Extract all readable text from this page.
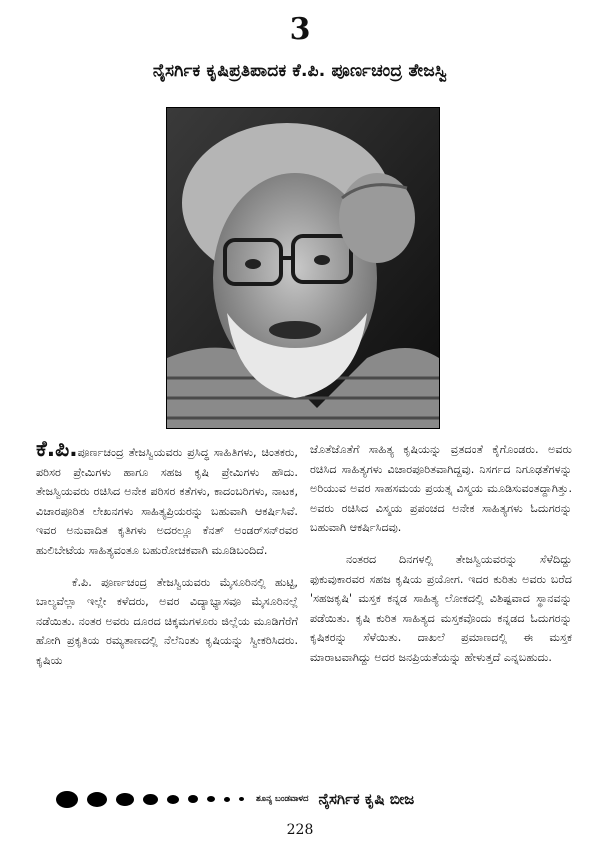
3
ನೈಸರ್ಗಿಕ ಕೃಷಿಪ್ರತಿಪಾದಕ ಕೆ.ಪಿ. ಪೂರ್ಣಚಂದ್ರ ತೇಜಸ್ವಿ

ಕೆ.ಪಿ.ಪೂರ್ಣಚಂದ್ರ ತೇಜಸ್ವಿಯವರು ಪ್ರಸಿದ್ಧ ಸಾಹಿತಿಗಳು, ಚಿಂತಕರು, ಪರಿಸರ ಪ್ರೇಮಿಗಳು ಹಾಗೂ ಸಹಜ ಕೃಷಿ ಪ್ರೇಮಿಗಳು ಹೌದು. ತೇಜಸ್ವಿಯವರು ರಚಿಸಿದ ಅನೇಕ ಪರಿಸರ ಕತೆಗಳು, ಕಾದಂಬರಿಗಳು, ನಾಟಕ, ವಿಚಾರಪೂರಿತ ಲೇಖನಗಳು ಸಾಹಿತ್ಯಪ್ರಿಯರನ್ನು ಬಹುವಾಗಿ ಆಕರ್ಷಿಸಿವೆ. ಇವರ ಅನುವಾದಿತ ಕೃತಿಗಳು ಅದರಲ್ಲೂ ಕೆನತ್ ಅಂಡರ್‌ಸನ್‌ರವರ ಹುಲಿಬೇಟೆಯ ಸಾಹಿತ್ಯವಂತೂ ಬಹುರೋಚಕವಾಗಿ ಮೂಡಿಬಂದಿದೆ.

ಕೆ.ಪಿ. ಪೂರ್ಣಚಂದ್ರ ತೇಜಸ್ವಿಯವರು ಮೈಸೂರಿನಲ್ಲಿ ಹುಟ್ಟಿ, ಬಾಲ್ಯವೆಲ್ಲಾ ಇಲ್ಲೇ ಕಳೆದರು, ಅವರ ವಿದ್ಯಾಭ್ಯಾಸವೂ ಮೈಸೂರಿನಲ್ಲೆ ನಡೆಯಿತು. ನಂತರ ಅವರು ದೂರದ ಚಿಕ್ಕಮಗಳೂರು ಜಿಲ್ಲೆಯ ಮೂಡಿಗೆರೆಗೆ ಹೋಗಿ ಪ್ರಕೃತಿಯ ರಮ್ಯತಾಣದಲ್ಲಿ ನೆಲೆನಿಂತು ಕೃಷಿಯನ್ನು ಸ್ವೀಕರಿಸಿದರು. ಕೃಷಿಯ

ಜೊತೆಜೊತೆಗೆ ಸಾಹಿತ್ಯ ಕೃಷಿಯನ್ನು ವ್ರತದಂತೆ ಕೈಗೊಂಡರು. ಅವರು ರಚಿಸಿದ ಸಾಹಿತ್ಯಗಳು ವಿಚಾರಪೂರಿತವಾಗಿದ್ದವು. ನಿಸರ್ಗದ ನಿಗೂಢತೆಗಳನ್ನು ಅರಿಯುವ ಅವರ ಸಾಹಸಮಯ ಪ್ರಯತ್ನ ವಿಸ್ಮಯ ಮೂಡಿಸುವಂತದ್ದಾಗಿತ್ತು. ಅವರು ರಚಿಸಿದ ವಿಸ್ಮಯ ಪ್ರಪಂಚದ ಅನೇಕ ಸಾಹಿತ್ಯಗಳು ಓದುಗರನ್ನು ಬಹುವಾಗಿ ಆಕರ್ಷಿಸಿದವು.

ನಂತರದ ದಿನಗಳಲ್ಲಿ ತೇಜಸ್ವಿಯವರನ್ನು ಸೆಳೆದಿದ್ದು ಫುಕುವುಕಾರವರ ಸಹಜ ಕೃಷಿಯ ಪ್ರಯೋಗ. ಇದರ ಕುರಿತು ಅವರು ಬರೆದ 'ಸಹಜಕೃಷಿ' ಮಸ್ತಕ ಕನ್ನಡ ಸಾಹಿತ್ಯ ಲೋಕದಲ್ಲಿ ವಿಶಿಷ್ಟವಾದ ಸ್ಥಾನವನ್ನು ಪಡೆಯಿತು. ಕೃಷಿ ಕುರಿತ ಸಾಹಿತ್ಯದ ಮಸ್ತಕವೊಂದು ಕನ್ನಡದ ಓದುಗರನ್ನು ಕೃಷಿಕರನ್ನು ಸೆಳೆಯಿತು. ದಾಖಲೆ ಪ್ರಮಾಣದಲ್ಲಿ ಈ ಮಸ್ತಕ ಮಾರಾಟವಾಗಿದ್ದು ಅದರ ಜನಪ್ರಿಯತೆಯನ್ನು ಹೇಳುತ್ತದೆ ಎನ್ನಬಹುದು.

ಶೂನ್ಯ ಬಂಡವಾಳದ ನೈಸರ್ಗಿಕ ಕೃಷಿ ಬೀಜ
228
